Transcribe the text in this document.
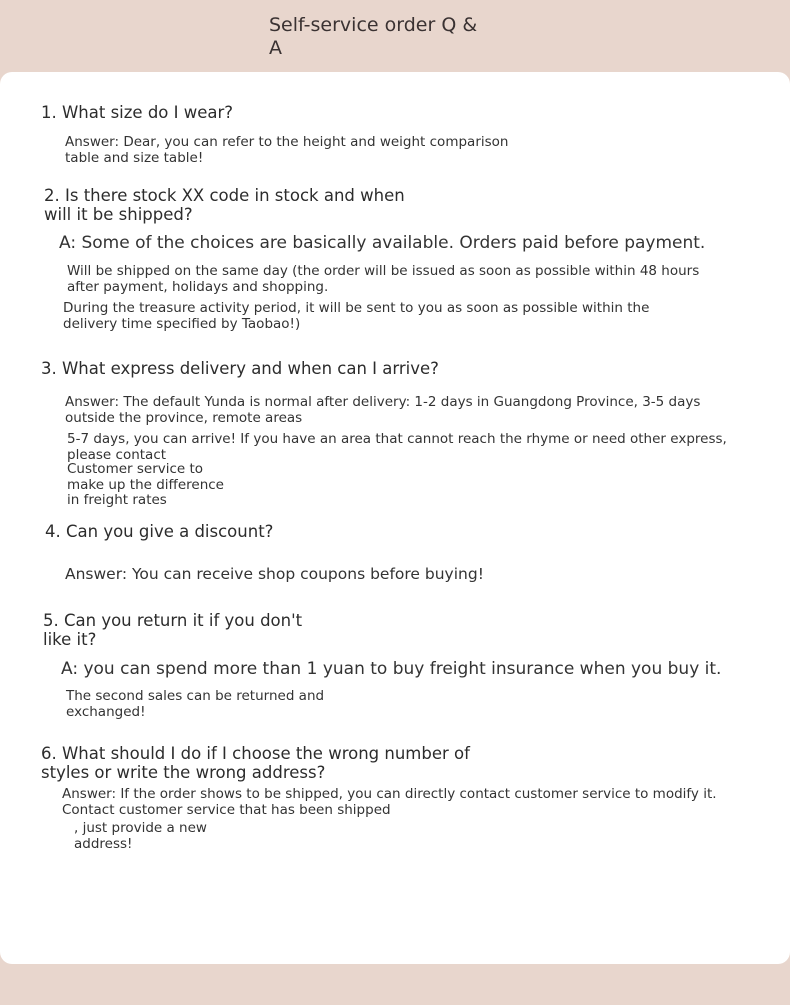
Self-service order Q & A

1. What size do I wear?

Answer: Dear, you can refer to the height and weight comparison table and size table!

2. Is there stock XX code in stock and when will it be shipped?

A: Some of the choices are basically available. Orders paid before payment.

Will be shipped on the same day (the order will be issued as soon as possible within 48 hours after payment, holidays and shopping.

During the treasure activity period, it will be sent to you as soon as possible within the delivery time specified by Taobao!)

3. What express delivery and when can I arrive?

Answer: The default Yunda is normal after delivery: 1-2 days in Guangdong Province, 3-5 days outside the province, remote areas

5-7 days, you can arrive! If you have an area that cannot reach the rhyme or need other express, please contact

Customer service to make up the difference in freight rates

4. Can you give a discount?

Answer: You can receive shop coupons before buying!

5. Can you return it if you don't like it?

A: you can spend more than 1 yuan to buy freight insurance when you buy it.

The second sales can be returned and exchanged!

6. What should I do if I choose the wrong number of styles or write the wrong address?

Answer: If the order shows to be shipped, you can directly contact customer service to modify it.

Contact customer service that has been shipped

, just provide a new address!
